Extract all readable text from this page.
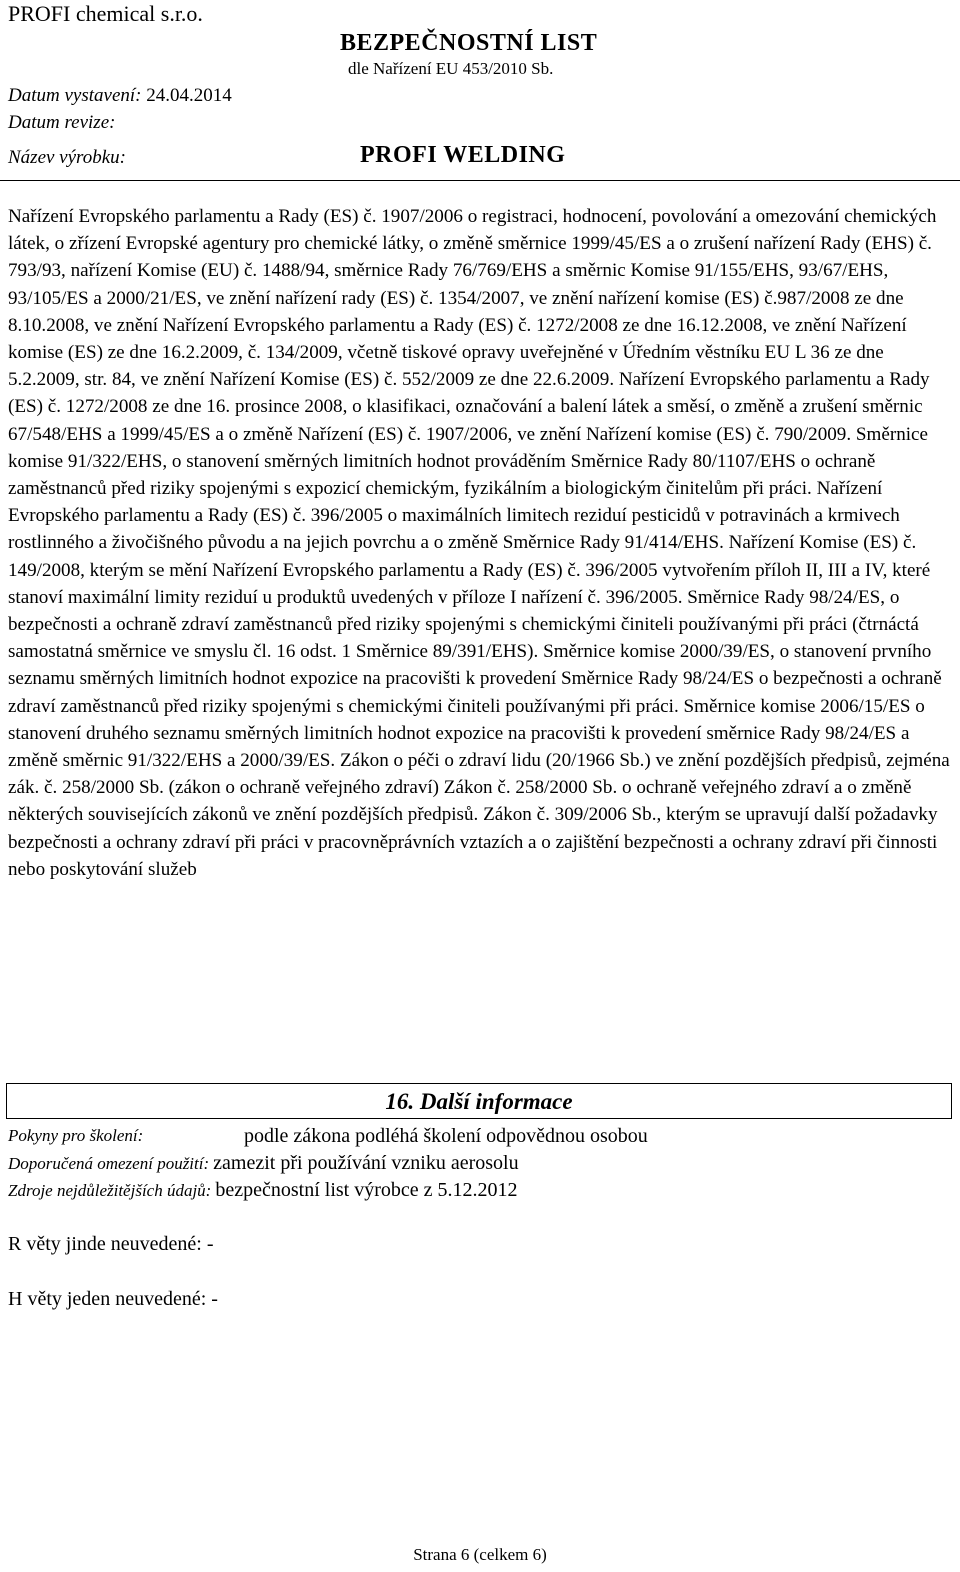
PROFI chemical s.r.o.
BEZPEČNOSTNÍ LIST
dle Nařízení EU 453/2010 Sb.
Datum vystavení: 24.04.2014
Datum revize:
Název výrobku:	PROFI WELDING

Nařízení Evropského parlamentu a Rady (ES) č. 1907/2006 o registraci, hodnocení, povolování a omezování chemických látek, o zřízení Evropské agentury pro chemické látky, o změně směrnice 1999/45/ES a o zrušení nařízení Rady (EHS) č. 793/93, nařízení Komise (EU) č. 1488/94, směrnice Rady 76/769/EHS a směrnic Komise 91/155/EHS, 93/67/EHS, 93/105/ES a 2000/21/ES, ve znění nařízení rady (ES) č. 1354/2007, ve znění nařízení komise (ES) č.987/2008 ze dne 8.10.2008, ve znění Nařízení Evropského parlamentu a Rady (ES) č. 1272/2008 ze dne 16.12.2008, ve znění Nařízení komise (ES) ze dne 16.2.2009, č. 134/2009, včetně tiskové opravy uveřejněné v Úředním věstníku EU L 36 ze dne 5.2.2009, str. 84, ve znění Nařízení Komise (ES) č. 552/2009 ze dne 22.6.2009. Nařízení Evropského parlamentu a Rady (ES) č. 1272/2008 ze dne 16. prosince 2008, o klasifikaci, označování a balení látek a směsí, o změně a zrušení směrnic 67/548/EHS a 1999/45/ES a o změně Nařízení (ES) č. 1907/2006, ve znění Nařízení komise (ES) č. 790/2009. Směrnice komise 91/322/EHS, o stanovení směrných limitních hodnot prováděním Směrnice Rady 80/1107/EHS o ochraně zaměstnanců před riziky spojenými s expozicí chemickým, fyzikálním a biologickým činitelům při práci. Nařízení Evropského parlamentu a Rady (ES) č. 396/2005 o maximálních limitech reziduí pesticidů v potravinách a krmivech rostlinného a živočišného původu a na jejich povrchu a o změně Směrnice Rady 91/414/EHS. Nařízení Komise (ES) č. 149/2008, kterým se mění Nařízení Evropského parlamentu a Rady (ES) č. 396/2005 vytvořením příloh II, III a IV, které stanoví maximální limity reziduí u produktů uvedených v příloze I nařízení č. 396/2005. Směrnice Rady 98/24/ES, o bezpečnosti a ochraně zdraví zaměstnanců před riziky spojenými s chemickými činiteli používanými při práci (čtrnáctá samostatná směrnice ve smyslu čl. 16 odst. 1 Směrnice 89/391/EHS). Směrnice komise 2000/39/ES, o stanovení prvního seznamu směrných limitních hodnot expozice na pracovišti k provedení Směrnice Rady 98/24/ES o bezpečnosti a ochraně zdraví zaměstnanců před riziky spojenými s chemickými činiteli používanými při práci. Směrnice komise 2006/15/ES o stanovení druhého seznamu směrných limitních hodnot expozice na pracovišti k provedení směrnice Rady 98/24/ES a změně směrnic 91/322/EHS a 2000/39/ES. Zákon o péči o zdraví lidu (20/1966 Sb.) ve znění pozdějších předpisů, zejména zák. č. 258/2000 Sb. (zákon o ochraně veřejného zdraví) Zákon č. 258/2000 Sb. o ochraně veřejného zdraví a o změně některých souvisejících zákonů ve znění pozdějších předpisů. Zákon č. 309/2006 Sb., kterým se upravují další požadavky bezpečnosti a ochrany zdraví při práci v pracovněprávních vztazích a o zajištění bezpečnosti a ochrany zdraví při činnosti nebo poskytování služeb

16. Další informace
Pokyny pro školení:	podle zákona podléhá školení odpovědnou osobou
Doporučená omezení použití: zamezit při používání vzniku aerosolu
Zdroje nejdůležitějších údajů: bezpečnostní list výrobce z 5.12.2012
R věty jinde neuvedené: -
H věty jeden neuvedené: -
Strana 6 (celkem 6)
